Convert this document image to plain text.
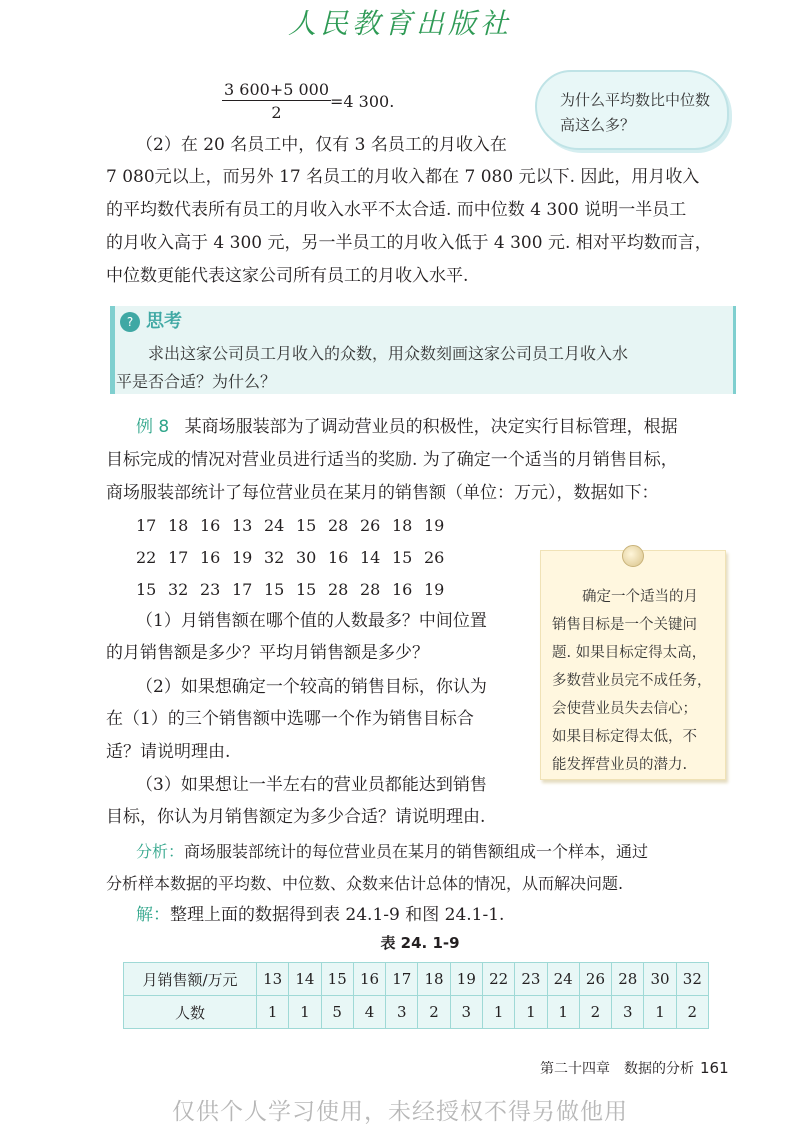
人民教育出版社
$\frac{3 600+5 000}{2}$
=4 300.	为什么平均数比中位数高这么多？
（2）在 20 名员工中，仅有 3 名员工的月收入在
7 080元以上，而另外 17 名员工的月收入都在 7 080 元以下. 因此，用月收入
的平均数代表所有员工的月收入水平不太合适. 而中位数 4 300 说明一半员工
的月收入高于 4 300 元，另一半员工的月收入低于 4 300 元. 相对平均数而言，
中位数更能代表这家公司所有员工的月收入水平.
? 思考
求出这家公司员工月收入的众数，用众数刻画这家公司员工月收入水
平是否合适？为什么？
例 8 某商场服装部为了调动营业员的积极性，决定实行目标管理，根据
目标完成的情况对营业员进行适当的奖励. 为了确定一个适当的月销售目标，
商场服装部统计了每位营业员在某月的销售额（单位：万元），数据如下：
17 18 16 13 24 15 28 26 18 19
22 17 16 19 32 30 16 14 15 26
15 32 23 17 15 15 28 28 16 19
（1）月销售额在哪个值的人数最多？中间位置
的月销售额是多少？平均月销售额是多少？
（2）如果想确定一个较高的销售目标，你认为
在（1）的三个销售额中选哪一个作为销售目标合
适？请说明理由.
（3）如果想让一半左右的营业员都能达到销售
目标，你认为月销售额定为多少合适？请说明理由.
确定一个适当的月
销售目标是一个关键问
题. 如果目标定得太高，
多数营业员完不成任务，
会使营业员失去信心；
如果目标定得太低，不
能发挥营业员的潜力.
分析：商场服装部统计的每位营业员在某月的销售额组成一个样本，通过
分析样本数据的平均数、中位数、众数来估计总体的情况，从而解决问题.
解：整理上面的数据得到表 24.1-9 和图 24.1-1.
表 24. 1-9
月销售额/万元	13	14	15	16	17	18	19	22	23	24	26	28	30	32
人数	1	1	5	4	3	2	3	1	1	1	2	3	1	2
第二十四章　数据的分析 161
仅供个人学习使用，未经授权不得另做他用
